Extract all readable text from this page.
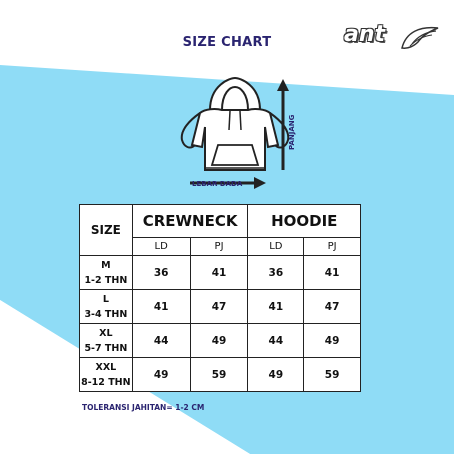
SIZE CHART	ant
LEBAR DADA
PANJANG
SIZE	CREWNECK		HOODIE	
	LD	PJ	LD	PJ

M
1-2 THN	36	41	36	41

L
3-4 THN	41	47	41	47

XL
5-7 THN	44	49	44	49

XXL
8-12 THN	49	59	49	59
TOLERANSI JAHITAN= 1-2 CM
